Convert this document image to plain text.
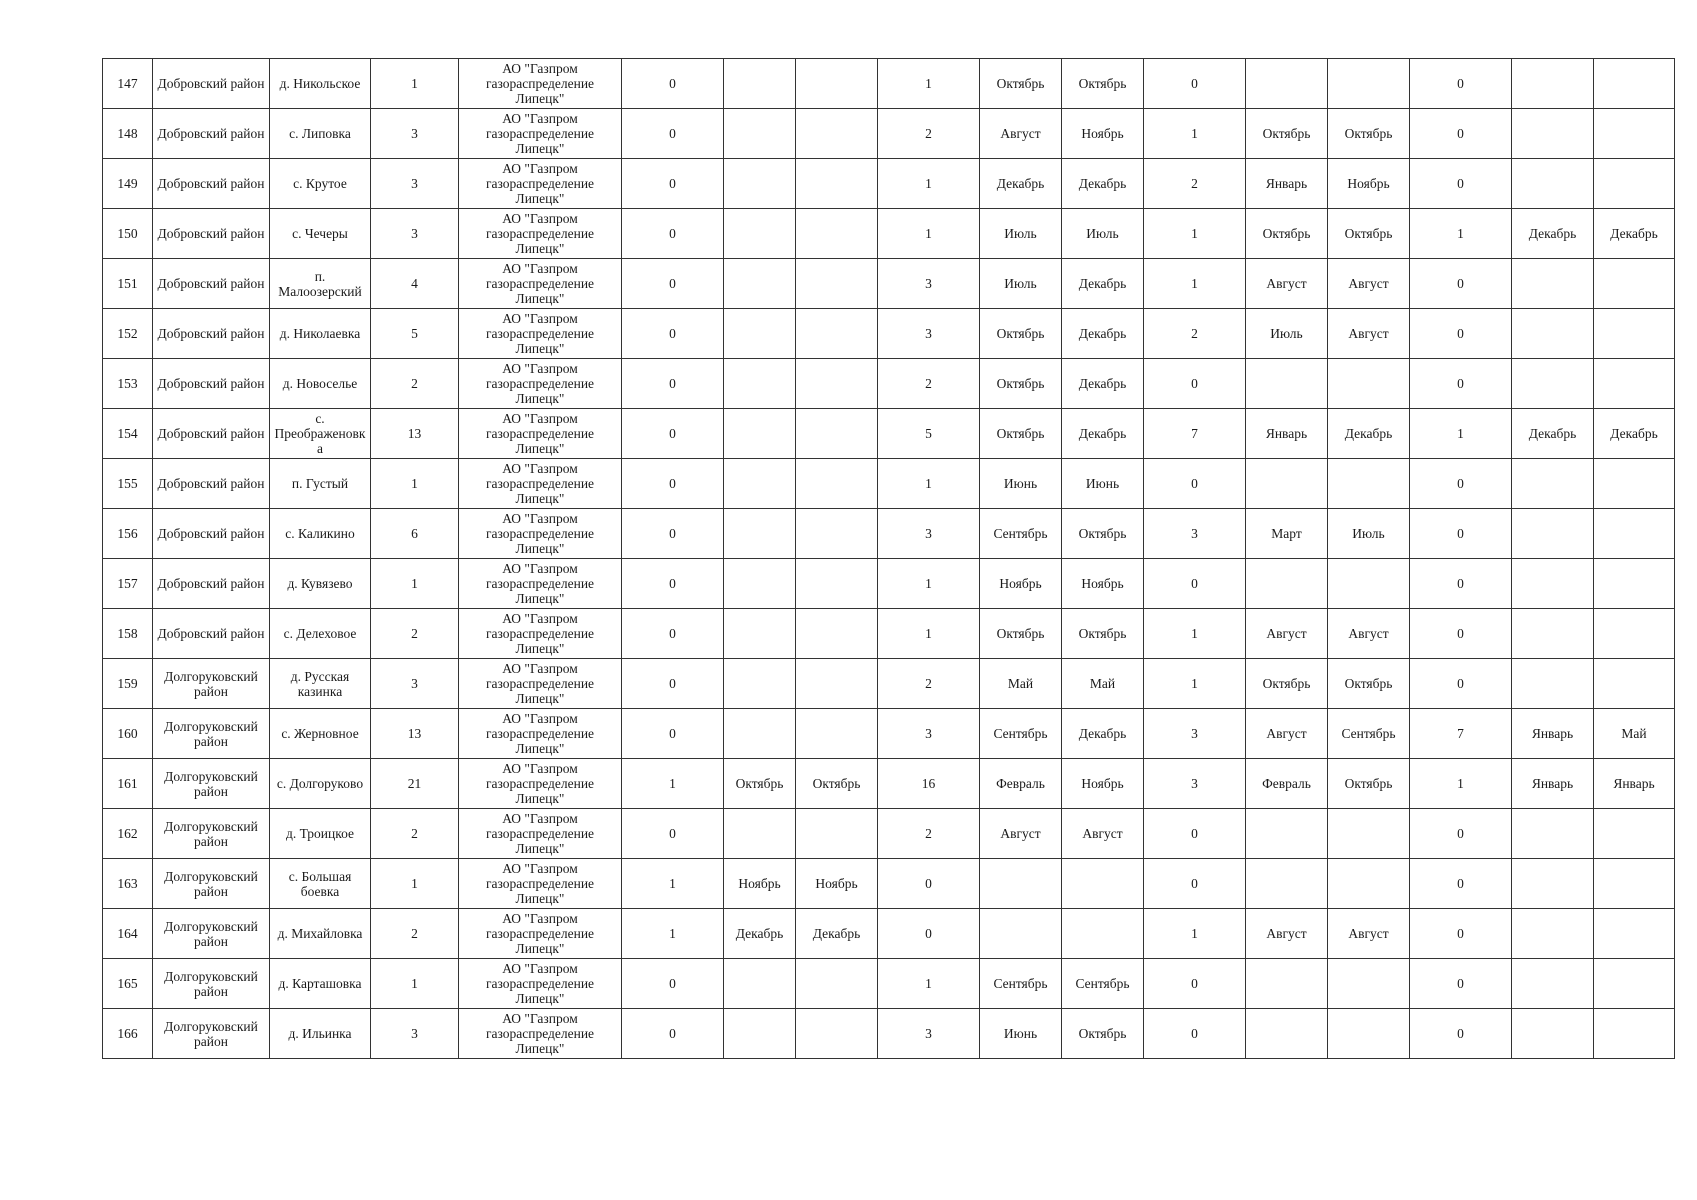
147	Добровский район	д. Никольское	1	АО "Газпром газораспределение Липецк"	0			1	Октябрь	Октябрь	0			0		
148	Добровский район	с. Липовка	3	АО "Газпром газораспределение Липецк"	0			2	Август	Ноябрь	1	Октябрь	Октябрь	0		
149	Добровский район	с. Крутое	3	АО "Газпром газораспределение Липецк"	0			1	Декабрь	Декабрь	2	Январь	Ноябрь	0		
150	Добровский район	с. Чечеры	3	АО "Газпром газораспределение Липецк"	0			1	Июль	Июль	1	Октябрь	Октябрь	1	Декабрь	Декабрь
151	Добровский район	п. Малоозерский	4	АО "Газпром газораспределение Липецк"	0			3	Июль	Декабрь	1	Август	Август	0		
152	Добровский район	д. Николаевка	5	АО "Газпром газораспределение Липецк"	0			3	Октябрь	Декабрь	2	Июль	Август	0		
153	Добровский район	д. Новоселье	2	АО "Газпром газораспределение Липецк"	0			2	Октябрь	Декабрь	0			0		
154	Добровский район	с. Преображеновка	13	АО "Газпром газораспределение Липецк"	0			5	Октябрь	Декабрь	7	Январь	Декабрь	1	Декабрь	Декабрь
155	Добровский район	п. Густый	1	АО "Газпром газораспределение Липецк"	0			1	Июнь	Июнь	0			0		
156	Добровский район	с. Каликино	6	АО "Газпром газораспределение Липецк"	0			3	Сентябрь	Октябрь	3	Март	Июль	0		
157	Добровский район	д. Кувязево	1	АО "Газпром газораспределение Липецк"	0			1	Ноябрь	Ноябрь	0			0		
158	Добровский район	с. Делеховое	2	АО "Газпром газораспределение Липецк"	0			1	Октябрь	Октябрь	1	Август	Август	0		
159	Долгоруковский район	д. Русская казинка	3	АО "Газпром газораспределение Липецк"	0			2	Май	Май	1	Октябрь	Октябрь	0		
160	Долгоруковский район	с. Жерновное	13	АО "Газпром газораспределение Липецк"	0			3	Сентябрь	Декабрь	3	Август	Сентябрь	7	Январь	Май
161	Долгоруковский район	с. Долгоруково	21	АО "Газпром газораспределение Липецк"	1	Октябрь	Октябрь	16	Февраль	Ноябрь	3	Февраль	Октябрь	1	Январь	Январь
162	Долгоруковский район	д. Троицкое	2	АО "Газпром газораспределение Липецк"	0			2	Август	Август	0			0		
163	Долгоруковский район	с. Большая боевка	1	АО "Газпром газораспределение Липецк"	1	Ноябрь	Ноябрь	0			0			0		
164	Долгоруковский район	д. Михайловка	2	АО "Газпром газораспределение Липецк"	1	Декабрь	Декабрь	0			1	Август	Август	0		
165	Долгоруковский район	д. Карташовка	1	АО "Газпром газораспределение Липецк"	0			1	Сентябрь	Сентябрь	0			0		
166	Долгоруковский район	д. Ильинка	3	АО "Газпром газораспределение Липецк"	0			3	Июнь	Октябрь	0			0		
